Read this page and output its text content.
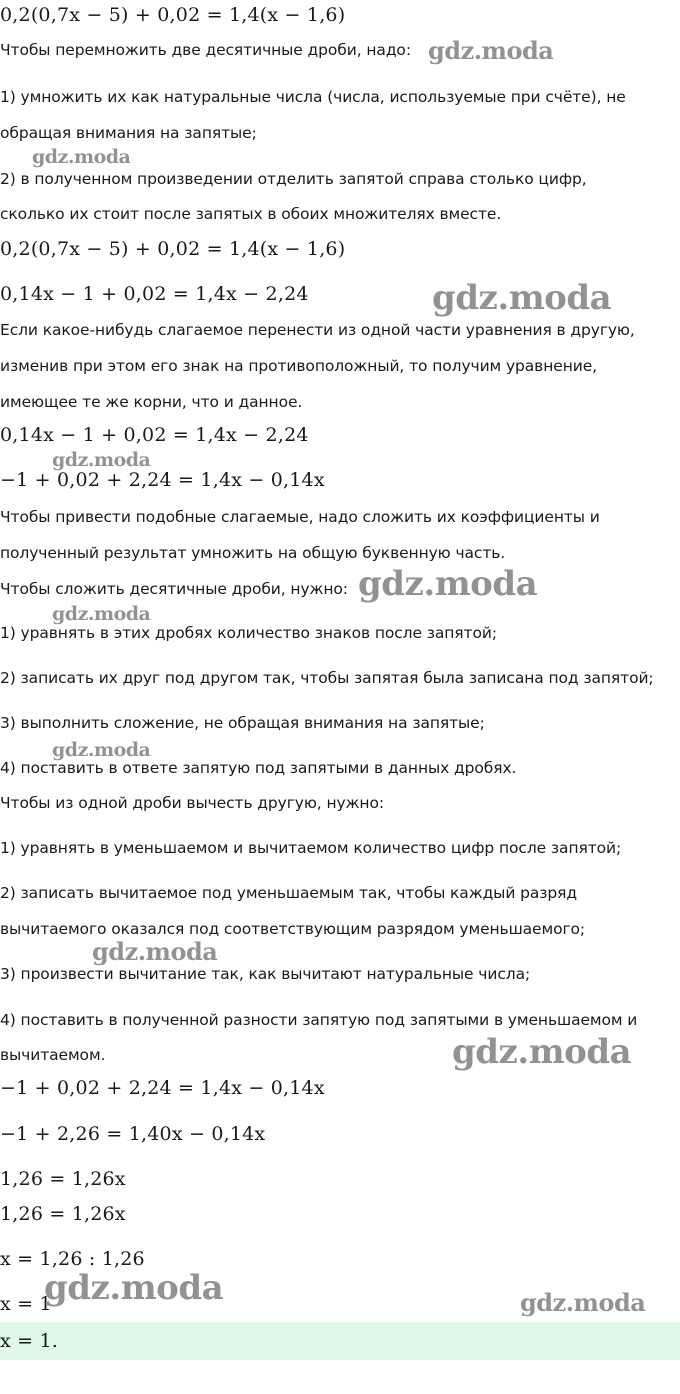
0,2(0,7x − 5) + 0,02 = 1,4(x − 1,6)
Чтобы перемножить две десятичные дроби, надо:
1) умножить их как натуральные числа (числа, используемые при счёте), не
обращая внимания на запятые;
2) в полученном произведении отделить запятой справа столько цифр,
сколько их стоит после запятых в обоих множителях вместе.
0,2(0,7x − 5) + 0,02 = 1,4(x − 1,6)
0,14x − 1 + 0,02 = 1,4x − 2,24
Если какое-нибудь слагаемое перенести из одной части уравнения в другую,
изменив при этом его знак на противоположный, то получим уравнение,
имеющее те же корни, что и данное.
0,14x − 1 + 0,02 = 1,4x − 2,24
−1 + 0,02 + 2,24 = 1,4x − 0,14x
Чтобы привести подобные слагаемые, надо сложить их коэффициенты и
полученный результат умножить на общую буквенную часть.
Чтобы сложить десятичные дроби, нужно:
1) уравнять в этих дробях количество знаков после запятой;
2) записать их друг под другом так, чтобы запятая была записана под запятой;
3) выполнить сложение, не обращая внимания на запятые;
4) поставить в ответе запятую под запятыми в данных дробях.
Чтобы из одной дроби вычесть другую, нужно:
1) уравнять в уменьшаемом и вычитаемом количество цифр после запятой;
2) записать вычитаемое под уменьшаемым так, чтобы каждый разряд
вычитаемого оказался под соответствующим разрядом уменьшаемого;
3) произвести вычитание так, как вычитают натуральные числа;
4) поставить в полученной разности запятую под запятыми в уменьшаемом и
вычитаемом.
−1 + 0,02 + 2,24 = 1,4x − 0,14x
−1 + 2,26 = 1,40x − 0,14x
1,26 = 1,26x
1,26 = 1,26x
x = 1,26 : 1,26
x = 1
x = 1.
gdz.moda
gdz.moda
gdz.moda
gdz.moda
gdz.moda
gdz.moda
gdz.moda
gdz.moda
gdz.moda
gdz.moda	gdz.moda
